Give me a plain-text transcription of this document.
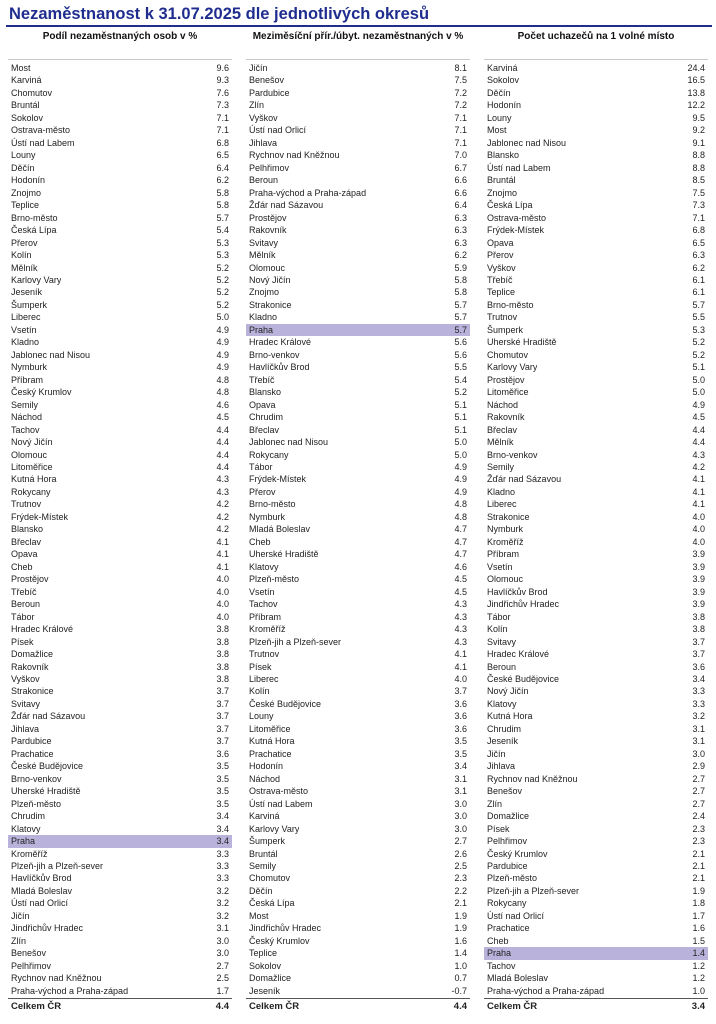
Nezaměstnanost k 31.07.2025 dle jednotlivých okresů
Podíl nezaměstnaných osob v %
Most	9.6
Karviná	9.3
Chomutov	7.6
Bruntál	7.3
Sokolov	7.1
Ostrava-město	7.1
Ústí nad Labem	6.8
Louny	6.5
Děčín	6.4
Hodonín	6.2
Znojmo	5.8
Teplice	5.8
Brno-město	5.7
Česká Lípa	5.4
Přerov	5.3
Kolín	5.3
Mělník	5.2
Karlovy Vary	5.2
Jeseník	5.2
Šumperk	5.2
Liberec	5.0
Vsetín	4.9
Kladno	4.9
Jablonec nad Nisou	4.9
Nymburk	4.9
Příbram	4.8
Český Krumlov	4.8
Semily	4.6
Náchod	4.5
Tachov	4.4
Nový Jičín	4.4
Olomouc	4.4
Litoměřice	4.4
Kutná Hora	4.3
Rokycany	4.3
Trutnov	4.2
Frýdek-Místek	4.2
Blansko	4.2
Břeclav	4.1
Opava	4.1
Cheb	4.1
Prostějov	4.0
Třebíč	4.0
Beroun	4.0
Tábor	4.0
Hradec Králové	3.8
Písek	3.8
Domažlice	3.8
Rakovník	3.8
Vyškov	3.8
Strakonice	3.7
Svitavy	3.7
Žďár nad Sázavou	3.7
Jihlava	3.7
Pardubice	3.7
Prachatice	3.6
České Budějovice	3.5
Brno-venkov	3.5
Uherské Hradiště	3.5
Plzeň-město	3.5
Chrudim	3.4
Klatovy	3.4
Praha	3.4
Kroměříž	3.3
Plzeň-jih a Plzeň-sever	3.3
Havlíčkův Brod	3.3
Mladá Boleslav	3.2
Ústí nad Orlicí	3.2
Jičín	3.2
Jindřichův Hradec	3.1
Zlín	3.0
Benešov	3.0
Pelhřimov	2.7
Rychnov nad Kněžnou	2.5
Praha-východ a Praha-západ	1.7
Celkem ČR	4.4
Meziměsíční přír./úbyt. nezaměstnaných v %
Jičín	8.1
Benešov	7.5
Pardubice	7.2
Zlín	7.2
Vyškov	7.1
Ústí nad Orlicí	7.1
Jihlava	7.1
Rychnov nad Kněžnou	7.0
Pelhřimov	6.7
Beroun	6.6
Praha-východ a Praha-západ	6.6
Žďár nad Sázavou	6.4
Prostějov	6.3
Rakovník	6.3
Svitavy	6.3
Mělník	6.2
Olomouc	5.9
Nový Jičín	5.8
Znojmo	5.8
Strakonice	5.7
Kladno	5.7
Praha	5.7
Hradec Králové	5.6
Brno-venkov	5.6
Havlíčkův Brod	5.5
Třebíč	5.4
Blansko	5.2
Opava	5.1
Chrudim	5.1
Břeclav	5.1
Jablonec nad Nisou	5.0
Rokycany	5.0
Tábor	4.9
Frýdek-Místek	4.9
Přerov	4.9
Brno-město	4.8
Nymburk	4.8
Mladá Boleslav	4.7
Cheb	4.7
Uherské Hradiště	4.7
Klatovy	4.6
Plzeň-město	4.5
Vsetín	4.5
Tachov	4.3
Příbram	4.3
Kroměříž	4.3
Plzeň-jih a Plzeň-sever	4.3
Trutnov	4.1
Písek	4.1
Liberec	4.0
Kolín	3.7
České Budějovice	3.6
Louny	3.6
Litoměřice	3.6
Kutná Hora	3.5
Prachatice	3.5
Hodonín	3.4
Náchod	3.1
Ostrava-město	3.1
Ústí nad Labem	3.0
Karviná	3.0
Karlovy Vary	3.0
Šumperk	2.7
Bruntál	2.6
Semily	2.5
Chomutov	2.3
Děčín	2.2
Česká Lípa	2.1
Most	1.9
Jindřichův Hradec	1.9
Český Krumlov	1.6
Teplice	1.4
Sokolov	1.0
Domažlice	0.7
Jeseník	-0.7
Celkem ČR	4.4
Počet uchazečů na 1 volné místo
Karviná	24.4
Sokolov	16.5
Děčín	13.8
Hodonín	12.2
Louny	9.5
Most	9.2
Jablonec nad Nisou	9.1
Blansko	8.8
Ústí nad Labem	8.8
Bruntál	8.5
Znojmo	7.5
Česká Lípa	7.3
Ostrava-město	7.1
Frýdek-Místek	6.8
Opava	6.5
Přerov	6.3
Vyškov	6.2
Třebíč	6.1
Teplice	6.1
Brno-město	5.7
Trutnov	5.5
Šumperk	5.3
Uherské Hradiště	5.2
Chomutov	5.2
Karlovy Vary	5.1
Prostějov	5.0
Litoměřice	5.0
Náchod	4.9
Rakovník	4.5
Břeclav	4.4
Mělník	4.4
Brno-venkov	4.3
Semily	4.2
Žďár nad Sázavou	4.1
Kladno	4.1
Liberec	4.1
Strakonice	4.0
Nymburk	4.0
Kroměříž	4.0
Příbram	3.9
Vsetín	3.9
Olomouc	3.9
Havlíčkův Brod	3.9
Jindřichův Hradec	3.9
Tábor	3.8
Kolín	3.8
Svitavy	3.7
Hradec Králové	3.7
Beroun	3.6
České Budějovice	3.4
Nový Jičín	3.3
Klatovy	3.3
Kutná Hora	3.2
Chrudim	3.1
Jeseník	3.1
Jičín	3.0
Jihlava	2.9
Rychnov nad Kněžnou	2.7
Benešov	2.7
Zlín	2.7
Domažlice	2.4
Písek	2.3
Pelhřimov	2.3
Český Krumlov	2.1
Pardubice	2.1
Plzeň-město	2.1
Plzeň-jih a Plzeň-sever	1.9
Rokycany	1.8
Ústí nad Orlicí	1.7
Prachatice	1.6
Cheb	1.5
Praha	1.4
Tachov	1.2
Mladá Boleslav	1.2
Praha-východ a Praha-západ	1.0
Celkem ČR	3.4
